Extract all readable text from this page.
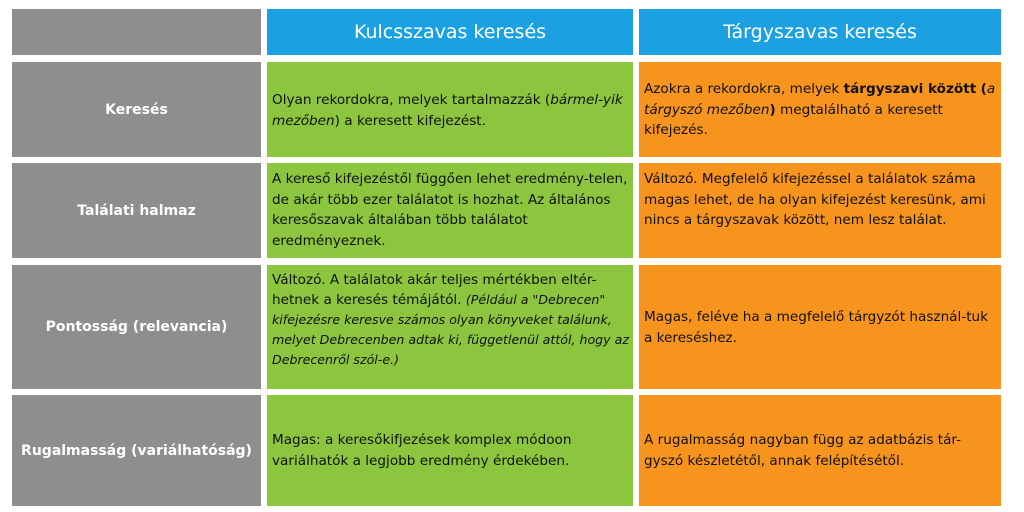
Kulcsszavas keresés	Tárgyszavas keresés
Keresés
Olyan rekordokra, melyek tartalmazzák (bármel-yik mezőben) a keresett kifejezést.
Azokra a rekordokra, melyek tárgyszavi között (a tárgyszó mezőben) megtalálható a keresett kifejezés.
Találati halmaz
A kereső kifejezéstől függően lehet eredmény-telen, de akár több ezer találatot is hozhat. Az általános keresőszavak általában több találatot eredményeznek.
Változó. Megfelelő kifejezéssel a találatok száma magas lehet, de ha olyan kifejezést keresünk, ami nincs a tárgyszavak között, nem lesz találat.
Pontosság (relevancia)
Változó. A találatok akár teljes mértékben eltér-hetnek a keresés témájától. (Például a "Debrecen" kifejezésre keresve számos olyan könyveket találunk, melyet Debrecenben adtak ki, függetlenül attól, hogy az Debrecenről szól-e.)
Magas, feléve ha a megfelelő tárgyzót használ-tuk a kereséshez.
Rugalmasság (variálhatóság)
Magas: a keresőkifjezések komplex módoon variálhatók a legjobb eredmény érdekében.
A rugalmasság nagyban függ az adatbázis tár-gyszó készletétől, annak felépítésétől.
